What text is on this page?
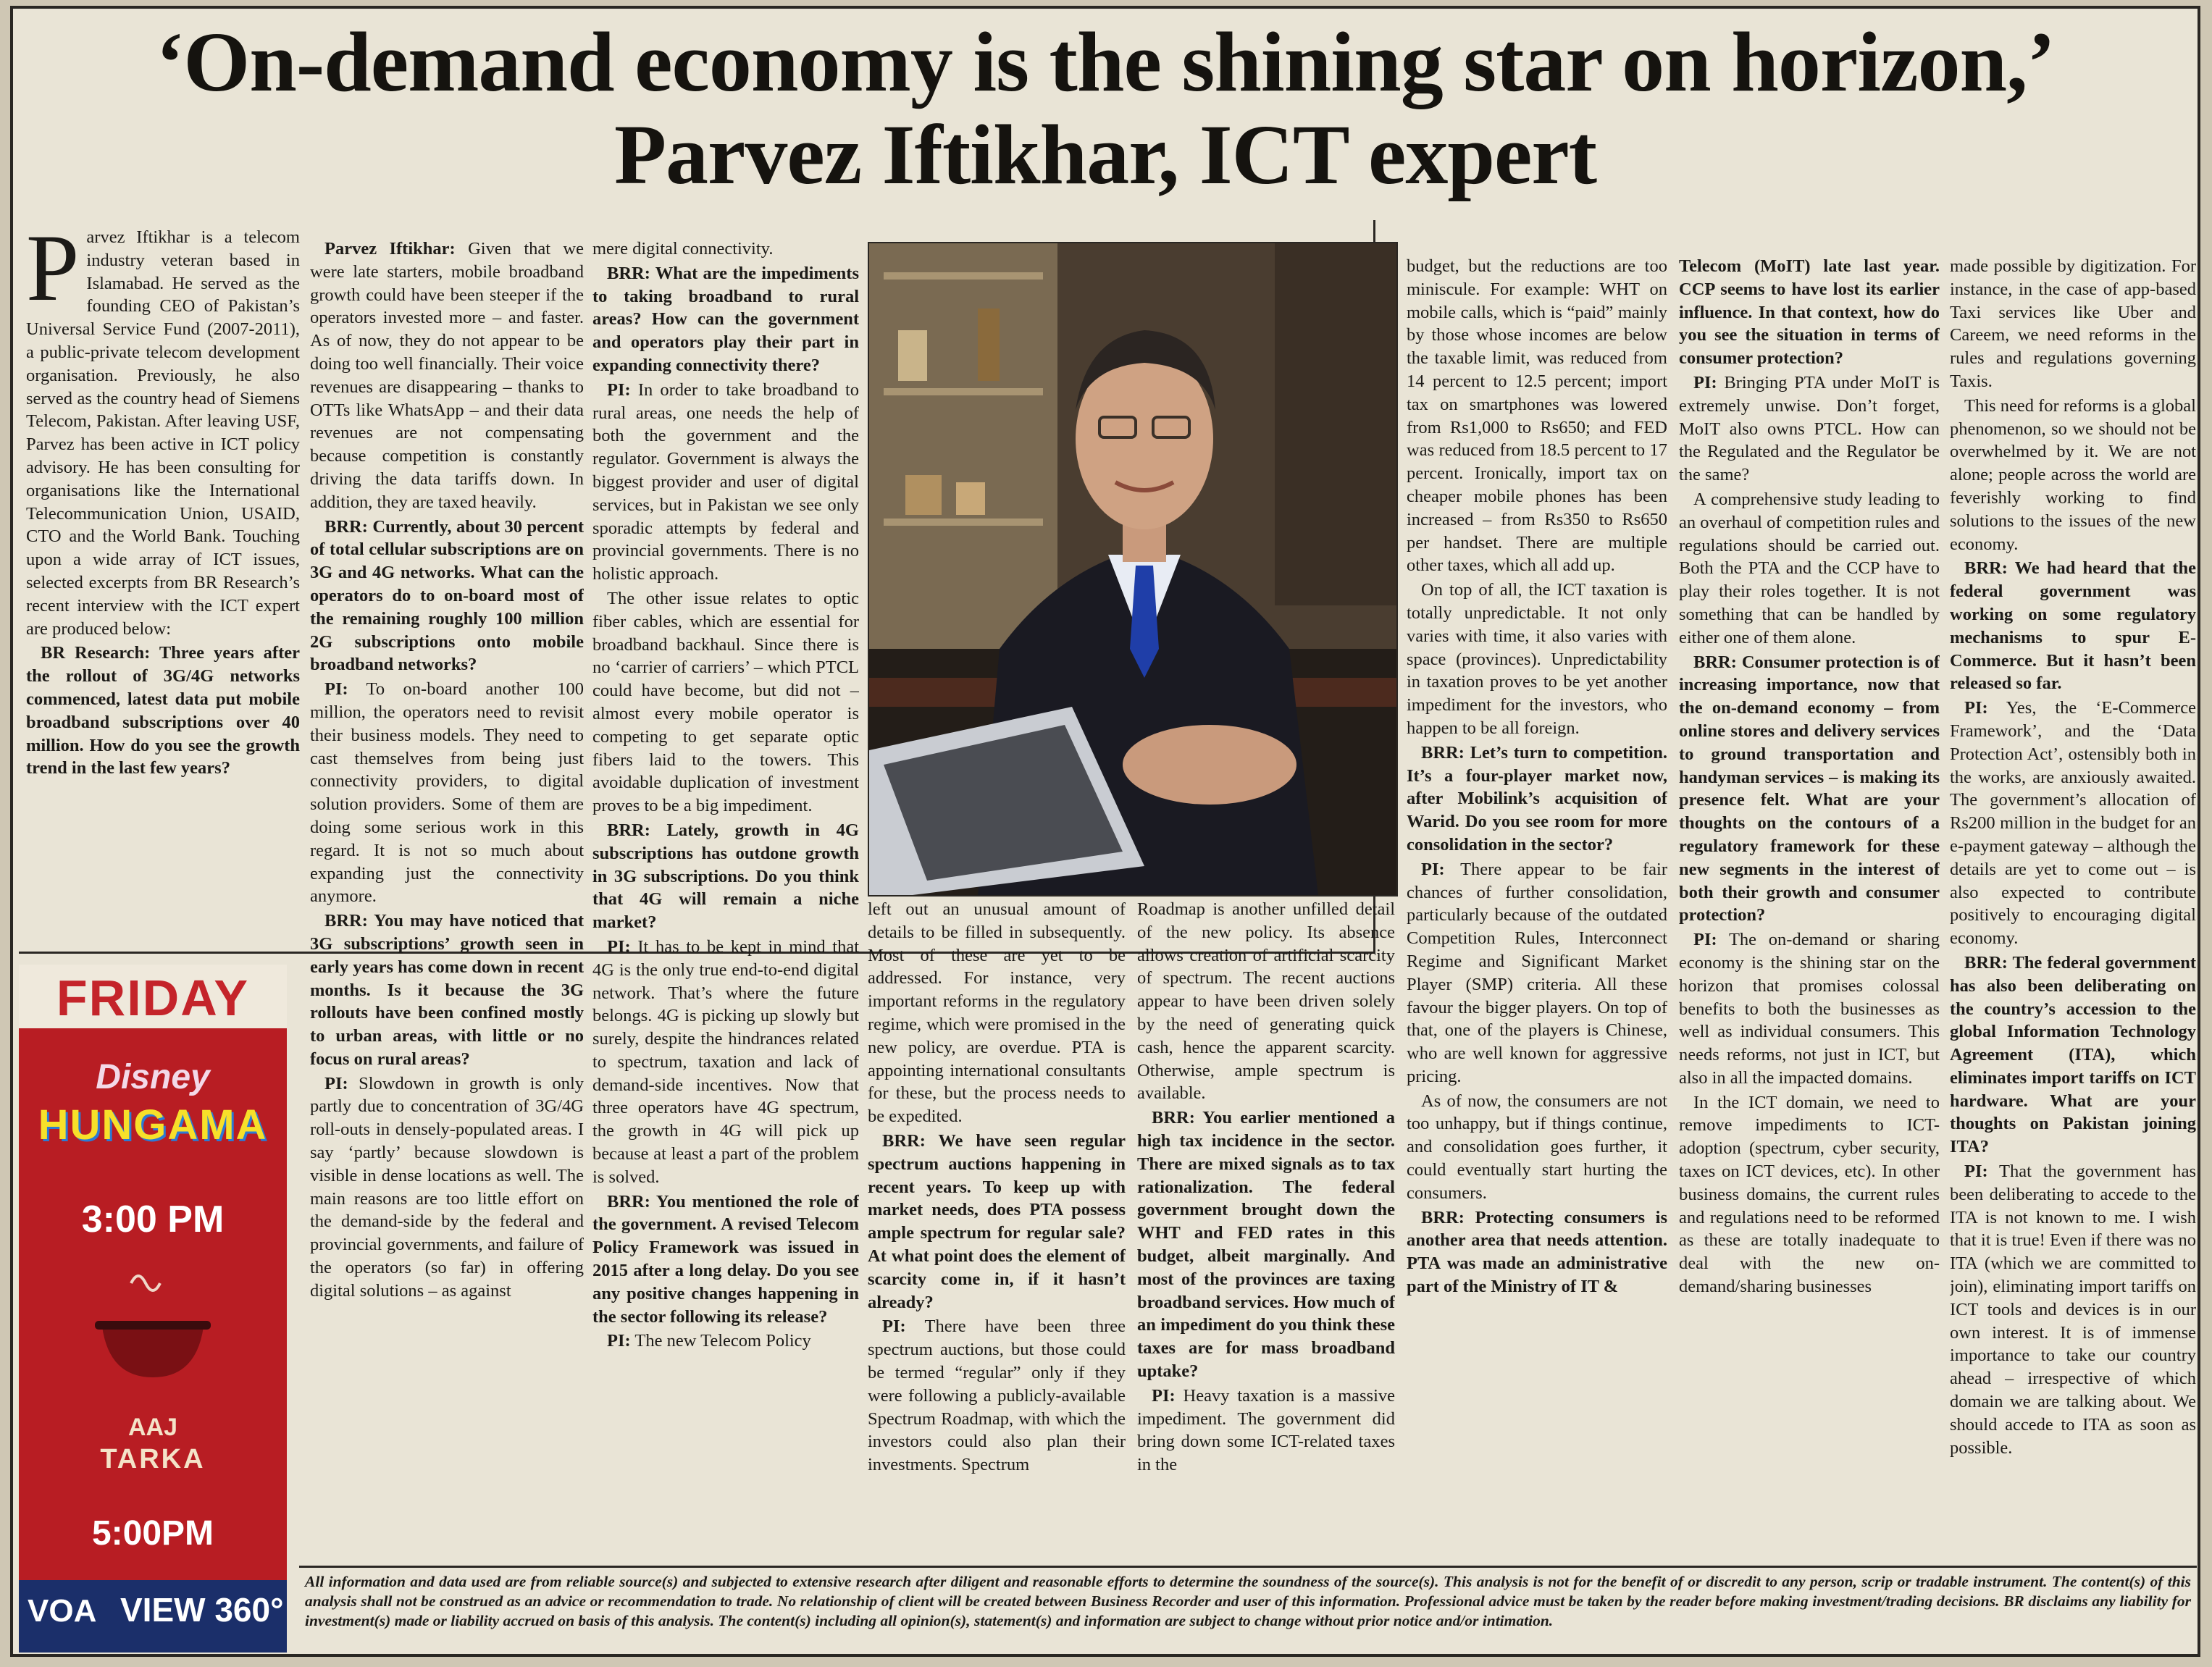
‘On-demand economy is the shining star on horizon,’
Parvez Iftikhar, ICT expert

Parvez Iftikhar is a telecom industry veteran based in Islamabad. He served as the founding CEO of Pakistan’s Universal Service Fund (2007-2011), a public-private telecom development organisation. Previously, he also served as the country head of Siemens Telecom, Pakistan. After leaving USF, Parvez has been active in ICT policy advisory. He has been consulting for organisations like the International Telecommunication Union, USAID, CTO and the World Bank. Touching upon a wide array of ICT issues, selected excerpts from BR Research’s recent interview with the ICT expert are produced below:

BR Research: Three years after the rollout of 3G/4G networks commenced, latest data put mobile broadband subscriptions over 40 million. How do you see the growth trend in the last few years?

Parvez Iftikhar: Given that we were late starters, mobile broadband growth could have been steeper if the operators invested more – and faster. As of now, they do not appear to be doing too well financially. Their voice revenues are disappearing – thanks to OTTs like WhatsApp – and their data revenues are not compensating because competition is constantly driving the data tariffs down. In addition, they are taxed heavily.

BRR: Currently, about 30 percent of total cellular subscriptions are on 3G and 4G networks. What can the operators do to on-board most of the remaining roughly 100 million 2G subscriptions onto mobile broadband networks?

PI: To on-board another 100 million, the operators need to revisit their business models. They need to cast themselves from being just connectivity providers, to digital solution providers. Some of them are doing some serious work in this regard. It is not so much about expanding just the connectivity anymore.

BRR: You may have noticed that 3G subscriptions’ growth seen in early years has come down in recent months. Is it because the 3G rollouts have been confined mostly to urban areas, with little or no focus on rural areas?

PI: Slowdown in growth is only partly due to concentration of 3G/4G roll-outs in densely-populated areas. I say ‘partly’ because slowdown is visible in dense locations as well. The main reasons are too little effort on the demand-side by the federal and provincial governments, and failure of the operators (so far) in offering digital solutions – as against

mere digital connectivity.

BRR: What are the impediments to taking broadband to rural areas? How can the government and operators play their part in expanding connectivity there?

PI: In order to take broadband to rural areas, one needs the help of both the government and the regulator. Government is always the biggest provider and user of digital services, but in Pakistan we see only sporadic attempts by federal and provincial governments. There is no holistic approach.

The other issue relates to optic fiber cables, which are essential for broadband backhaul. Since there is no ‘carrier of carriers’ – which PTCL could have become, but did not – almost every mobile operator is competing to get separate optic fibers laid to the towers. This avoidable duplication of investment proves to be a big impediment.

BRR: Lately, growth in 4G subscriptions has outdone growth in 3G subscriptions. Do you think that 4G will remain a niche market?

PI: It has to be kept in mind that 4G is the only true end-to-end digital network. That’s where the future belongs. 4G is picking up slowly but surely, despite the hindrances related to spectrum, taxation and lack of demand-side incentives. Now that three operators have 4G spectrum, the growth in 4G will pick up because at least a part of the problem is solved.

BRR: You mentioned the role of the government. A revised Telecom Policy Framework was issued in 2015 after a long delay. Do you see any positive changes happening in the sector following its release?

PI: The new Telecom Policy

left out an unusual amount of details to be filled in subsequently. Most of these are yet to be addressed. For instance, very important reforms in the regulatory regime, which were promised in the new policy, are overdue. PTA is appointing international consultants for these, but the process needs to be expedited.

BRR: We have seen regular spectrum auctions happening in recent years. To keep up with market needs, does PTA possess ample spectrum for regular sale? At what point does the element of scarcity come in, if it hasn’t already?

PI: There have been three spectrum auctions, but those could be termed “regular” only if they were following a publicly-available Spectrum Roadmap, with which the investors could also plan their investments. Spectrum

Roadmap is another unfilled detail of the new policy. Its absence allows creation of artificial scarcity of spectrum. The recent auctions appear to have been driven solely by the need of generating quick cash, hence the apparent scarcity. Otherwise, ample spectrum is available.

BRR: You earlier mentioned a high tax incidence in the sector. There are mixed signals as to tax rationalization. The federal government brought down the WHT and FED rates in this budget, albeit marginally. And most of the provinces are taxing broadband services. How much of an impediment do you think these taxes are for mass broadband uptake?

PI: Heavy taxation is a massive impediment. The government did bring down some ICT-related taxes in the

budget, but the reductions are too miniscule. For example: WHT on mobile calls, which is “paid” mainly by those whose incomes are below the taxable limit, was reduced from 14 percent to 12.5 percent; import tax on smartphones was lowered from Rs1,000 to Rs650; and FED was reduced from 18.5 percent to 17 percent. Ironically, import tax on cheaper mobile phones has been increased – from Rs350 to Rs650 per handset. There are multiple other taxes, which all add up.

On top of all, the ICT taxation is totally unpredictable. It not only varies with time, it also varies with space (provinces). Unpredictability in taxation proves to be yet another impediment for the investors, who happen to be all foreign.

BRR: Let’s turn to competition. It’s a four-player market now, after Mobilink’s acquisition of Warid. Do you see room for more consolidation in the sector?

PI: There appear to be fair chances of further consolidation, particularly because of the outdated Competition Rules, Interconnect Regime and Significant Market Player (SMP) criteria. All these favour the bigger players. On top of that, one of the players is Chinese, who are well known for aggressive pricing.

As of now, the consumers are not too unhappy, but if things continue, and consolidation goes further, it could eventually start hurting the consumers.

BRR: Protecting consumers is another area that needs attention. PTA was made an administrative part of the Ministry of IT &

Telecom (MoIT) late last year. CCP seems to have lost its earlier influence. In that context, how do you see the situation in terms of consumer protection?

PI: Bringing PTA under MoIT is extremely unwise. Don’t forget, MoIT also owns PTCL. How can the Regulated and the Regulator be the same?

A comprehensive study leading to an overhaul of competition rules and regulations should be carried out. Both the PTA and the CCP have to play their roles together. It is not something that can be handled by either one of them alone.

BRR: Consumer protection is of increasing importance, now that the on-demand economy – from online stores and delivery services to ground transportation and handyman services – is making its presence felt. What are your thoughts on the contours of a regulatory framework for these new segments in the interest of both their growth and consumer protection?

PI: The on-demand or sharing economy is the shining star on the horizon that promises colossal benefits to both the businesses as well as individual consumers. This needs reforms, not just in ICT, but also in all the impacted domains.

In the ICT domain, we need to remove impediments to ICT-adoption (spectrum, cyber security, taxes on ICT devices, etc). In other business domains, the current rules and regulations need to be reformed as these are totally inadequate to deal with the new on-demand/sharing businesses

made possible by digitization. For instance, in the case of app-based Taxi services like Uber and Careem, we need reforms in the rules and regulations governing Taxis.

This need for reforms is a global phenomenon, so we should not be overwhelmed by it. We are not alone; people across the world are feverishly working to find solutions to the issues of the new economy.

BRR: We had heard that the federal government was working on some regulatory mechanisms to spur E-Commerce. But it hasn’t been released so far.

PI: Yes, the ‘E-Commerce Framework’, and the ‘Data Protection Act’, ostensibly both in the works, are anxiously awaited. The government’s allocation of Rs200 million in the budget for an e-payment gateway – although the details are yet to come out – is also expected to contribute positively to encouraging digital economy.

BRR: The federal government has also been deliberating on the country’s accession to the global Information Technology Agreement (ITA), which eliminates import tariffs on ICT hardware. What are your thoughts on Pakistan joining ITA?

PI: That the government has been deliberating to accede to the ITA is not known to me. I wish that it is true! Even if there was no ITA (which we are committed to join), eliminating import tariffs on ICT tools and devices is in our own interest. It is of immense importance to take our country ahead – irrespective of which domain we are talking about. We should accede to ITA as soon as possible.

FRIDAY
Disney
HUNGAMA
3:00 PM
AAJ
TARKA
5:00PM
VOA VIEW 360°
All information and data used are from reliable source(s) and subjected to extensive research after diligent and reasonable efforts to determine the soundness of the source(s). This analysis is not for the benefit of or discredit to any person, scrip or tradable instrument. The content(s) of this analysis shall not be construed as an advice or recommendation to trade. No relationship of client will be created between Business Recorder and user of this information. Professional advice must be taken by the reader before making investment/trading decisions. BR disclaims any liability for investment(s) made or liability accrued on basis of this analysis. The content(s) including all opinion(s), statement(s) and information are subject to change without prior notice and/or intimation.
